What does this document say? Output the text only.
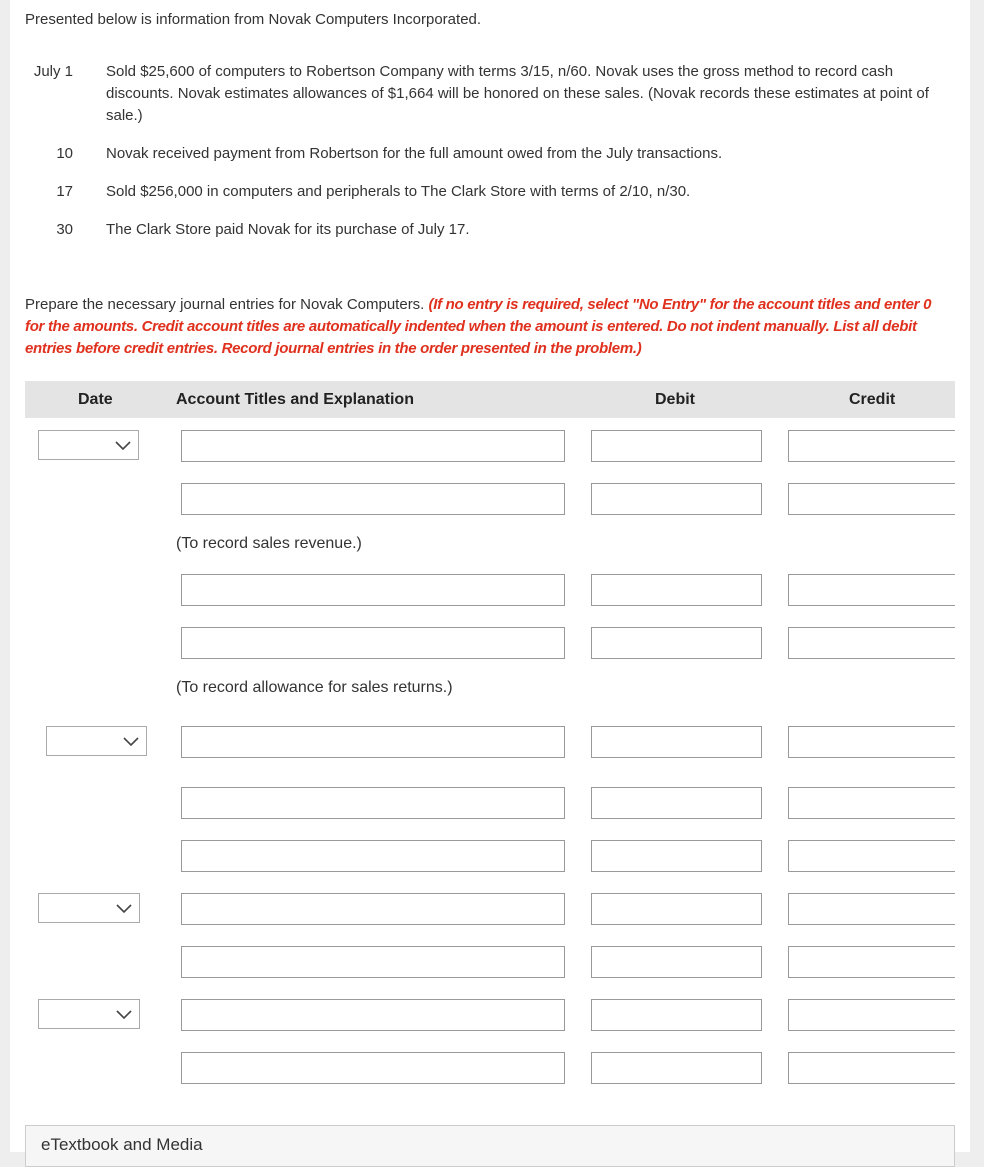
Presented below is information from Novak Computers Incorporated.
July 1 Sold $25,600 of computers to Robertson Company with terms 3/15, n/60. Novak uses the gross method to record cash discounts. Novak estimates allowances of $1,664 will be honored on these sales. (Novak records these estimates at point of sale.)
10 Novak received payment from Robertson for the full amount owed from the July transactions.
17 Sold $256,000 in computers and peripherals to The Clark Store with terms of 2/10, n/30.
30 The Clark Store paid Novak for its purchase of July 17.
Prepare the necessary journal entries for Novak Computers. (If no entry is required, select "No Entry" for the account titles and enter 0 for the amounts. Credit account titles are automatically indented when the amount is entered. Do not indent manually. List all debit entries before credit entries. Record journal entries in the order presented in the problem.)
Date	Account Titles and Explanation	Debit	Credit
(To record sales revenue.)
(To record allowance for sales returns.)
eTextbook and Media
